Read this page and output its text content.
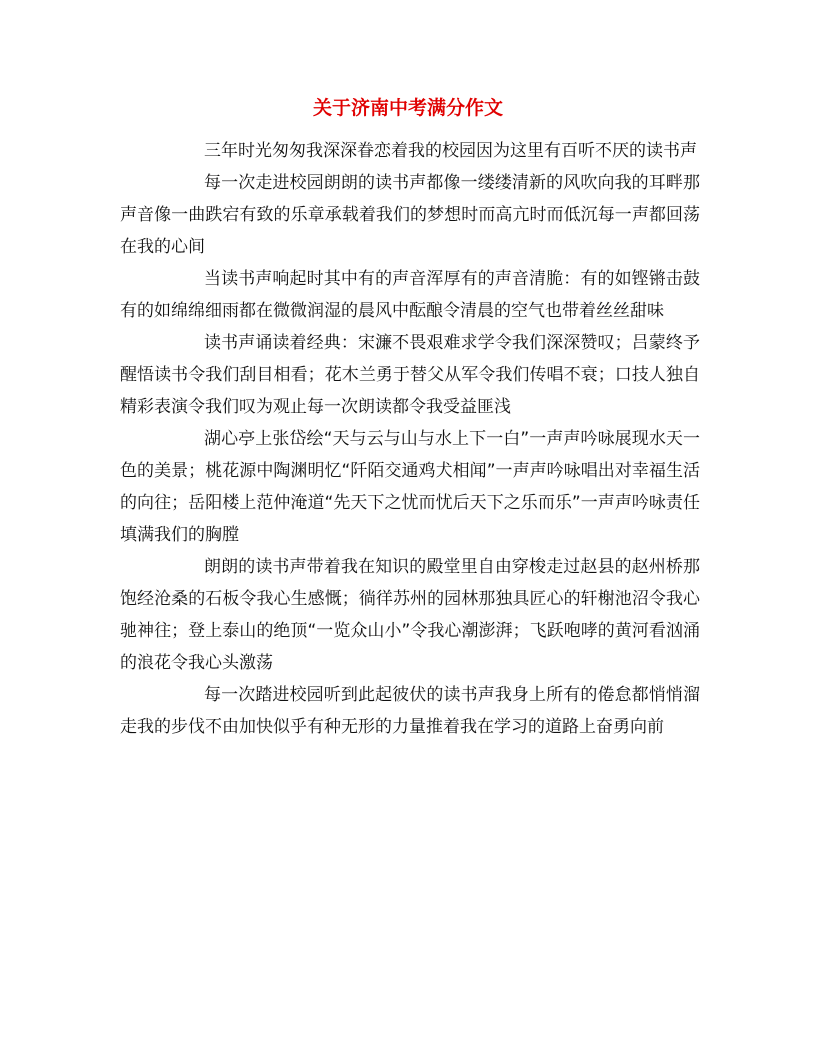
关于济南中考满分作文

三年时光匆匆我深深眷恋着我的校园因为这里有百听不厌的读书声

每一次走进校园朗朗的读书声都像一缕缕清新的风吹向我的耳畔那声音像一曲跌宕有致的乐章承载着我们的梦想时而高亢时而低沉每一声都回荡在我的心间

当读书声响起时其中有的声音浑厚有的声音清脆：有的如铿锵击鼓有的如绵绵细雨都在微微润湿的晨风中酝酿令清晨的空气也带着丝丝甜味

读书声诵读着经典：宋濂不畏艰难求学令我们深深赞叹；吕蒙终予醒悟读书令我们刮目相看；花木兰勇于替父从军令我们传唱不衰；口技人独自精彩表演令我们叹为观止每一次朗读都令我受益匪浅

湖心亭上张岱绘“天与云与山与水上下一白”一声声吟咏展现水天一色的美景；桃花源中陶渊明忆“阡陌交通鸡犬相闻”一声声吟咏唱出对幸福生活的向往；岳阳楼上范仲淹道“先天下之忧而忧后天下之乐而乐”一声声吟咏责任填满我们的胸膛

朗朗的读书声带着我在知识的殿堂里自由穿梭走过赵县的赵州桥那饱经沧桑的石板令我心生感慨；徜徉苏州的园林那独具匠心的轩榭池沼令我心驰神往；登上泰山的绝顶“一览众山小”令我心潮澎湃；飞跃咆哮的黄河看汹涌的浪花令我心头激荡

每一次踏进校园听到此起彼伏的读书声我身上所有的倦怠都悄悄溜走我的步伐不由加快似乎有种无形的力量推着我在学习的道路上奋勇向前
